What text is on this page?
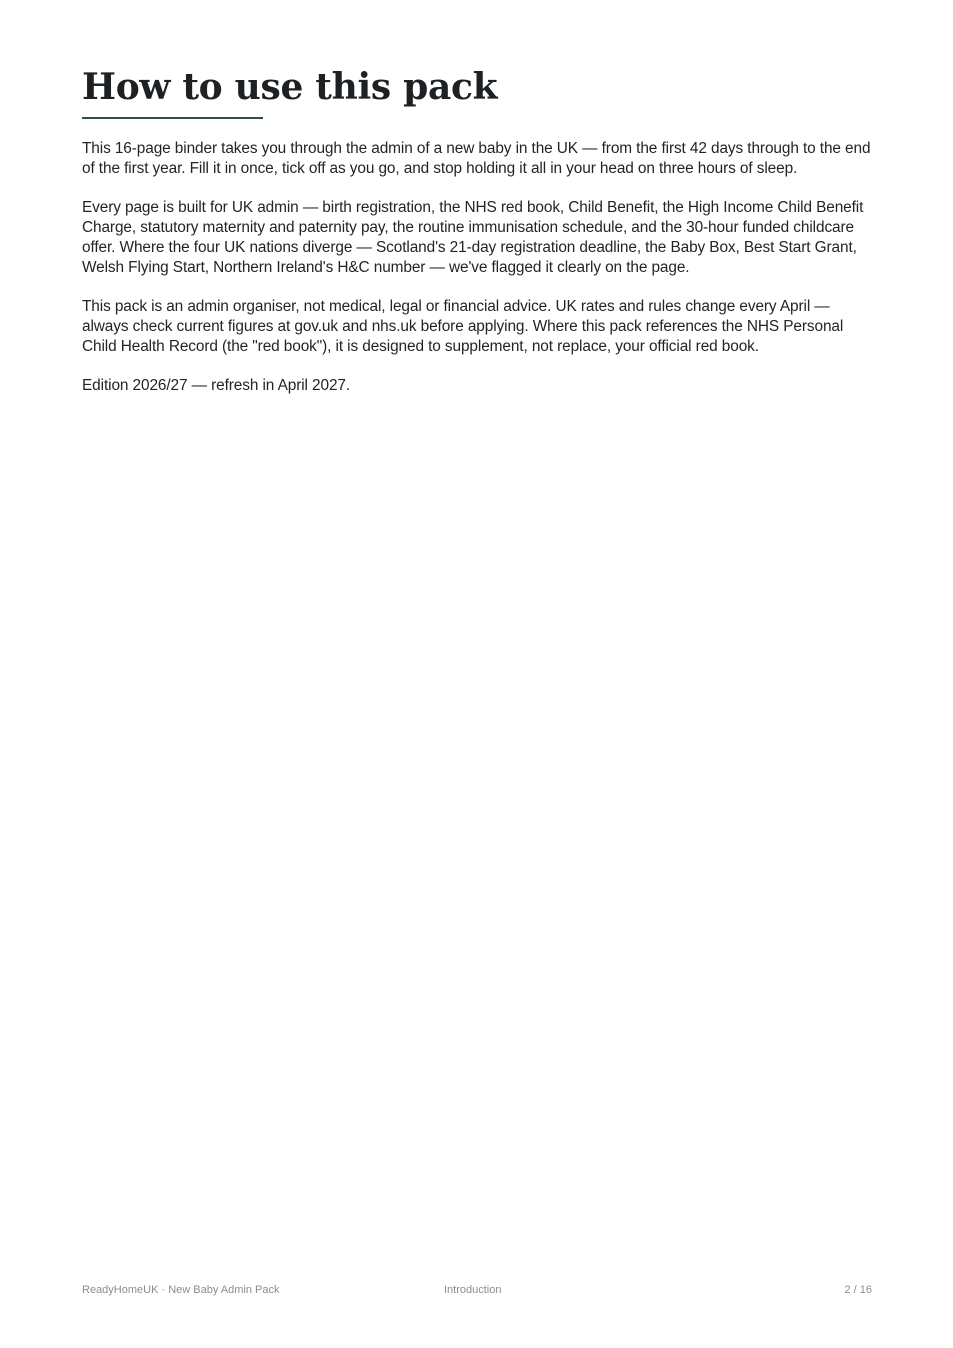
How to use this pack

This 16-page binder takes you through the admin of a new baby in the UK — from the first 42 days through to the end of the first year. Fill it in once, tick off as you go, and stop holding it all in your head on three hours of sleep.

Every page is built for UK admin — birth registration, the NHS red book, Child Benefit, the High Income Child Benefit Charge, statutory maternity and paternity pay, the routine immunisation schedule, and the 30-hour funded childcare offer. Where the four UK nations diverge — Scotland's 21-day registration deadline, the Baby Box, Best Start Grant, Welsh Flying Start, Northern Ireland's H&C number — we've flagged it clearly on the page.

This pack is an admin organiser, not medical, legal or financial advice. UK rates and rules change every April — always check current figures at gov.uk and nhs.uk before applying. Where this pack references the NHS Personal Child Health Record (the "red book"), it is designed to supplement, not replace, your official red book.

Edition 2026/27 — refresh in April 2027.

ReadyHomeUK · New Baby Admin Pack	Introduction	2 / 16
